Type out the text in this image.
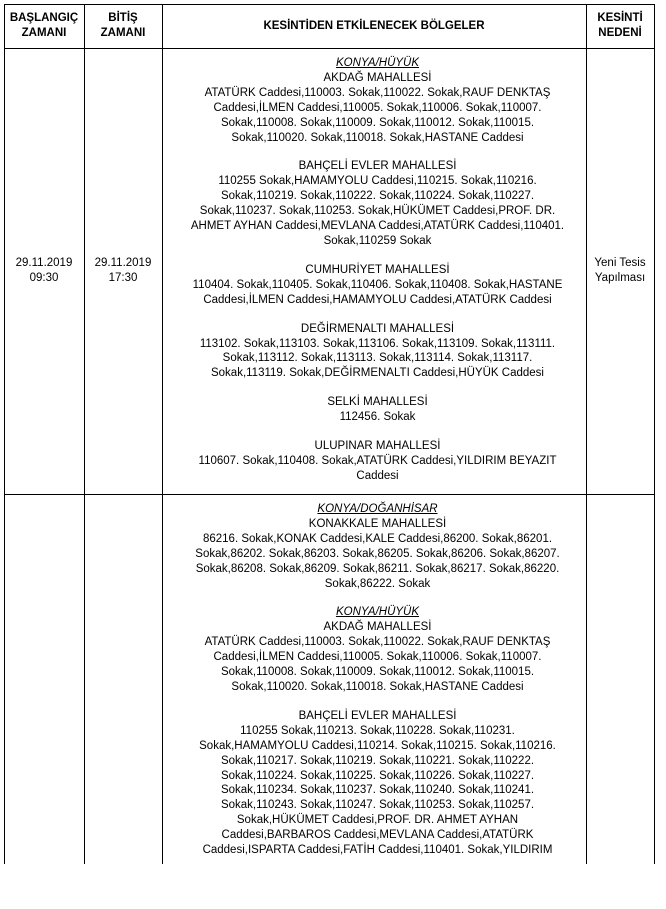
BAŞLANGIÇ
ZAMANI
BİTİŞ
ZAMANI
KESİNTİDEN ETKİLENECEK BÖLGELER
KESİNTİ
NEDENİ
29.11.2019
09:30
29.11.2019
17:30
Yeni Tesis
Yapılması
KONYA/HÜYÜK
AKDAĞ MAHALLESİ
ATATÜRK Caddesi,110003. Sokak,110022. Sokak,RAUF DENKTAŞ
Caddesi,İLMEN Caddesi,110005. Sokak,110006. Sokak,110007.
Sokak,110008. Sokak,110009. Sokak,110012. Sokak,110015.
Sokak,110020. Sokak,110018. Sokak,HASTANE Caddesi
BAHÇELİ EVLER MAHALLESİ
110255 Sokak,HAMAMYOLU Caddesi,110215. Sokak,110216.
Sokak,110219. Sokak,110222. Sokak,110224. Sokak,110227.
Sokak,110237. Sokak,110253. Sokak,HÜKÜMET Caddesi,PROF. DR.
AHMET AYHAN Caddesi,MEVLANA Caddesi,ATATÜRK Caddesi,110401.
Sokak,110259 Sokak
CUMHURİYET MAHALLESİ
110404. Sokak,110405. Sokak,110406. Sokak,110408. Sokak,HASTANE
Caddesi,İLMEN Caddesi,HAMAMYOLU Caddesi,ATATÜRK Caddesi
DEĞİRMENALTI MAHALLESİ
113102. Sokak,113103. Sokak,113106. Sokak,113109. Sokak,113111.
Sokak,113112. Sokak,113113. Sokak,113114. Sokak,113117.
Sokak,113119. Sokak,DEĞİRMENALTI Caddesi,HÜYÜK Caddesi
SELKİ MAHALLESİ
112456. Sokak
ULUPINAR MAHALLESİ
110607. Sokak,110408. Sokak,ATATÜRK Caddesi,YILDIRIM BEYAZIT
Caddesi
KONYA/DOĞANHİSAR
KONAKKALE MAHALLESİ
86216. Sokak,KONAK Caddesi,KALE Caddesi,86200. Sokak,86201.
Sokak,86202. Sokak,86203. Sokak,86205. Sokak,86206. Sokak,86207.
Sokak,86208. Sokak,86209. Sokak,86211. Sokak,86217. Sokak,86220.
Sokak,86222. Sokak
KONYA/HÜYÜK
AKDAĞ MAHALLESİ
ATATÜRK Caddesi,110003. Sokak,110022. Sokak,RAUF DENKTAŞ
Caddesi,İLMEN Caddesi,110005. Sokak,110006. Sokak,110007.
Sokak,110008. Sokak,110009. Sokak,110012. Sokak,110015.
Sokak,110020. Sokak,110018. Sokak,HASTANE Caddesi
BAHÇELİ EVLER MAHALLESİ
110255 Sokak,110213. Sokak,110228. Sokak,110231.
Sokak,HAMAMYOLU Caddesi,110214. Sokak,110215. Sokak,110216.
Sokak,110217. Sokak,110219. Sokak,110221. Sokak,110222.
Sokak,110224. Sokak,110225. Sokak,110226. Sokak,110227.
Sokak,110234. Sokak,110237. Sokak,110240. Sokak,110241.
Sokak,110243. Sokak,110247. Sokak,110253. Sokak,110257.
Sokak,HÜKÜMET Caddesi,PROF. DR. AHMET AYHAN
Caddesi,BARBAROS Caddesi,MEVLANA Caddesi,ATATÜRK
Caddesi,ISPARTA Caddesi,FATİH Caddesi,110401. Sokak,YILDIRIM
